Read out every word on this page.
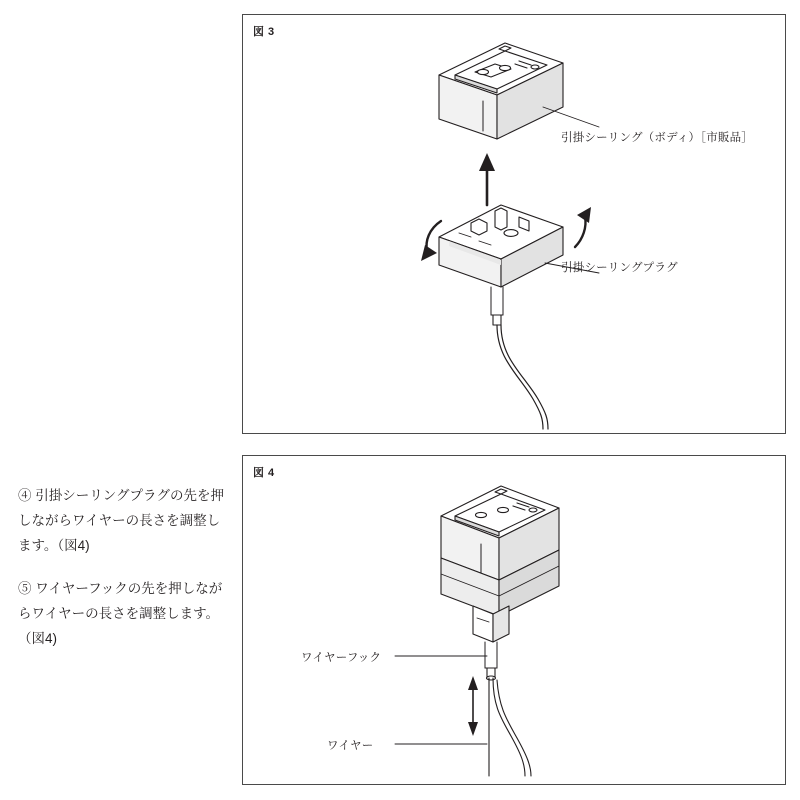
図 3
引掛シーリング（ボディ）［市販品］
引掛シーリングプラグ
図 4
ワイヤーフック
ワイヤー

④ 引掛シーリングプラグの先を押しながらワイヤーの長さを調整します。（図4)

⑤ ワイヤーフックの先を押しながらワイヤーの長さを調整します。（図4)
